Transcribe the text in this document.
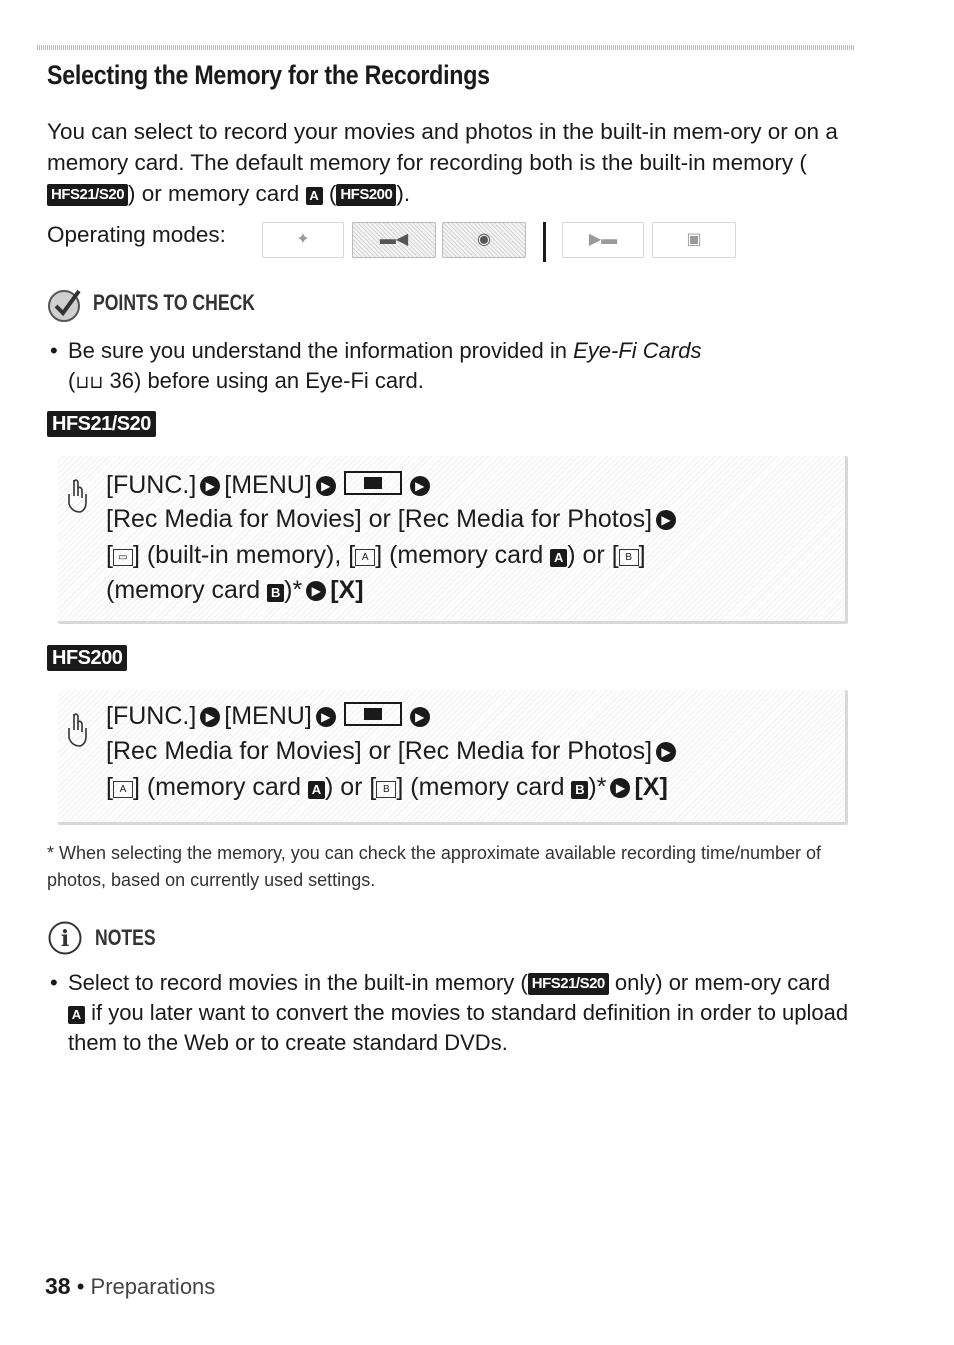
Selecting the Memory for the Recordings
You can select to record your movies and photos in the built-in mem-ory or on a memory card. The default memory for recording both is the built-in memory (HFS21/S20 ) or memory card A ( HFS200 ).
Operating modes:	✦	▬◀	◉	▶▬	▣
POINTS TO CHECK
• Be sure you understand the information provided in Eye-Fi Cards
(⊔⊔ 36) before using an Eye-Fi card.
HFS21/S20
[FUNC.] ▶ [MENU] ▶	▶
[Rec Media for Movies] or [Rec Media for Photos] ▶
[ ▭ ] (built-in memory), [ A ] (memory card A ) or [ B ]
(memory card B )* ▶ [X]
HFS200
[FUNC.] ▶ [MENU] ▶	▶
[Rec Media for Movies] or [Rec Media for Photos] ▶
[ A ] (memory card A ) or [ B ] (memory card B )* ▶ [X]
* When selecting the memory, you can check the approximate available recording time/number of photos, based on currently used settings.
i NOTES
• Select to record movies in the built-in memory ( HFS21/S20 only) or mem-ory card A if you later want to convert the movies to standard definition in order to upload them to the Web or to create standard DVDs.
38 • Preparations
